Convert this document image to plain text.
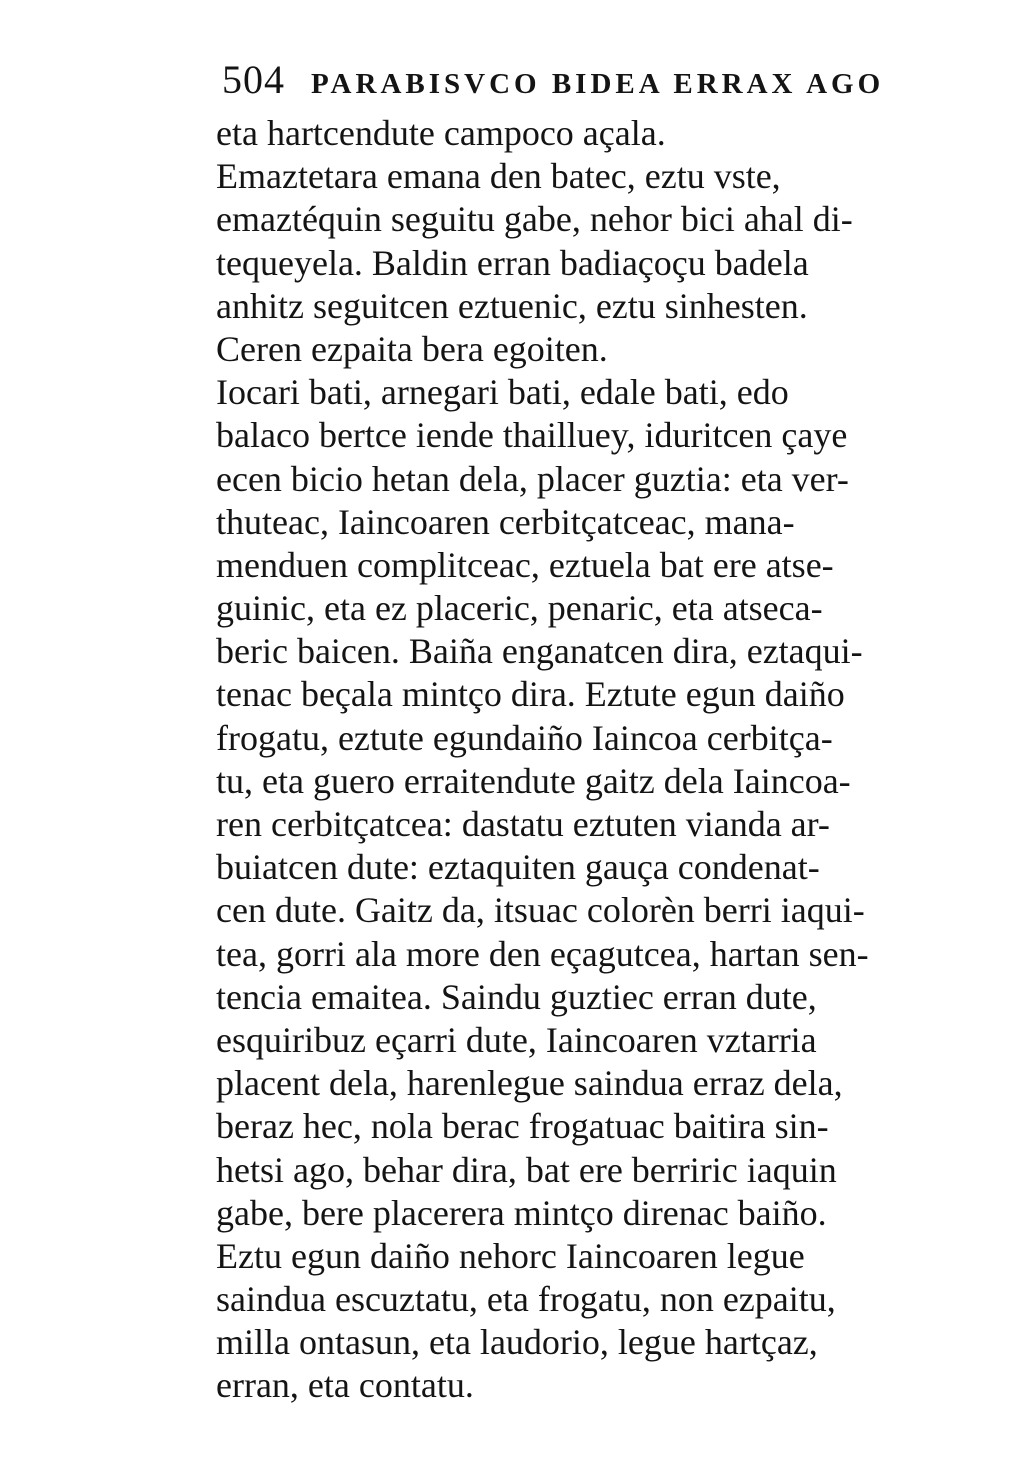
504 PARABISVCO BIDEA ERRAX AGO
eta hartcendute campoco açala.
Emaztetara emana den batec, eztu vste,
emaztéquin seguitu gabe, nehor bici ahal di-
tequeyela. Baldin erran badiaçoçu badela
anhitz seguitcen eztuenic, eztu sinhesten.
Ceren ezpaita bera egoiten.
Iocari bati, arnegari bati, edale bati, edo
balaco bertce iende thailluey, iduritcen çaye
ecen bicio hetan dela, placer guztia: eta ver-
thuteac, Iaincoaren cerbitçatceac, mana-
menduen complitceac, eztuela bat ere atse-
guinic, eta ez placeric, penaric, eta atseca-
beric baicen. Baiña enganatcen dira, eztaqui-
tenac beçala mintço dira. Eztute egun daiño
frogatu, eztute egundaiño Iaincoa cerbitça-
tu, eta guero erraitendute gaitz dela Iaincoa-
ren cerbitçatcea: dastatu eztuten vianda ar-
buiatcen dute: eztaquiten gauça condenat-
cen dute. Gaitz da, itsuac colorèn berri iaqui-
tea, gorri ala more den eçagutcea, hartan sen-
tencia emaitea. Saindu guztiec erran dute,
esquiribuz eçarri dute, Iaincoaren vztarria
placent dela, harenlegue saindua erraz dela,
beraz hec, nola berac frogatuac baitira sin-
hetsi ago, behar dira, bat ere berriric iaquin
gabe, bere placerera mintço direnac baiño.
Eztu egun daiño nehorc Iaincoaren legue
saindua escuztatu, eta frogatu, non ezpaitu,
milla ontasun, eta laudorio, legue hartçaz,
erran, eta contatu.
